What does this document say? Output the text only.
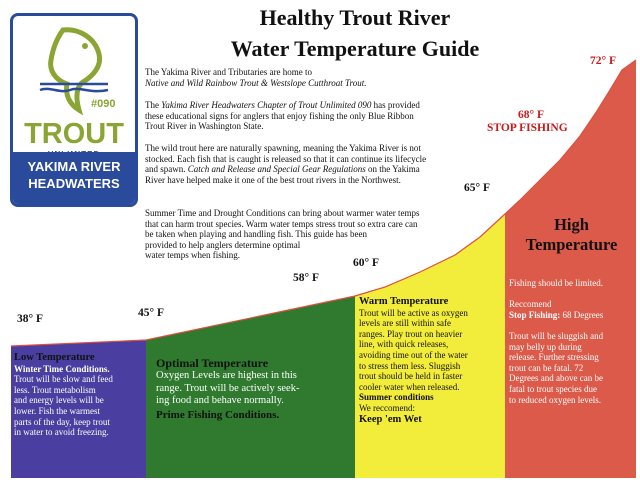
#090
TROUT
YAKIMA RIVER
HEADWATERS
Healthy Trout River
Water Temperature Guide
The Yakima River and Tributaries are home to
Native and Wild Rainbow Trout & Westslope Cutthroat Trout.
The Yakima River Headwaters Chapter of Trout Unlimited 090 has provided
these educational signs for anglers that enjoy fishing the only Blue Ribbon
Trout River in Washington State.
The wild trout here are naturally spawning, meaning the Yakima River is not
stocked. Each fish that is caught is released so that it can continue its lifecycle
and spawn. Catch and Release and Special Gear Regulations on the Yakima
River have helped make it one of the best trout rivers in the Northwest.
Summer Time and Drought Conditions can bring about warmer water temps
that can harm trout species. Warm water temps stress trout so extra care can
be taken when playing and handling fish. This guide has been
provided to help anglers determine optimal
water temps when fishing.
38° F	45° F
58° F
60° F
65° F
68° F
STOP FISHING
72° F
Low Temperature
Winter Time Conditions.
Trout will be slow and feed
less. Trout metabolism
and energy levels will be
lower. Fish the warmest
parts of the day, keep trout
in water to avoid freezing.
Optimal Temperature
Oxygen Levels are highest in this
range. Trout will be actively seek-
ing food and behave normally.
Prime Fishing Conditions.
Warm Temperature
Trout will be active as oxygen
levels are still within safe
ranges. Play trout on heavier
line, with quick releases,
avoiding time out of the water
to stress them less. Sluggish
trout should be held in faster
cooler water when released.
Summer conditions
We reccomend:
Keep 'em Wet
High
Temperature
Fishing should be limited.
Reccomend
Stop Fishing: 68 Degrees
Trout will be sluggish and
may belly up during
release. Further stressing
trout can be fatal. 72
Degrees and above can be
fatal to trout species due
to reduced oxygen levels.
